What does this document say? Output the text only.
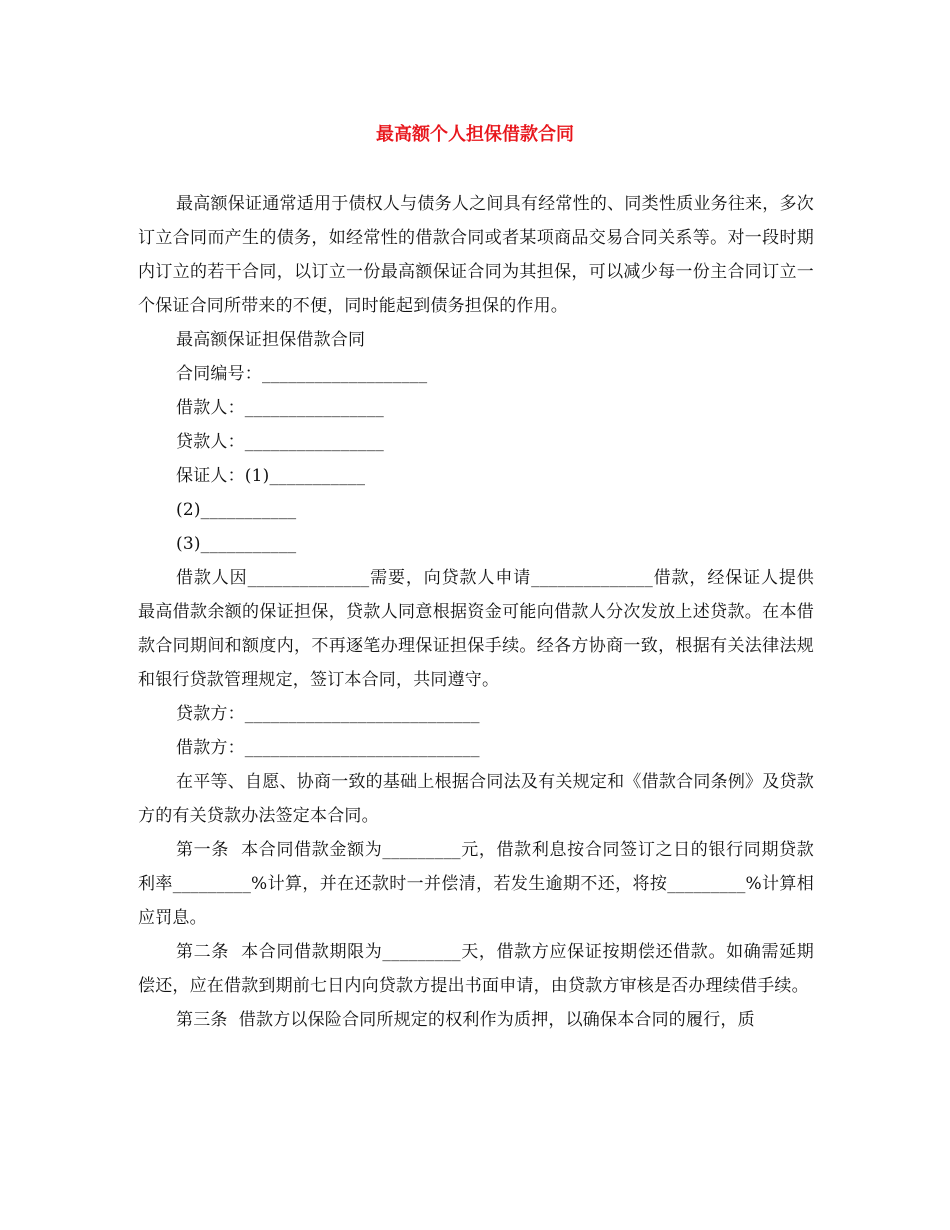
最高额个人担保借款合同

最高额保证通常适用于债权人与债务人之间具有经常性的、同类性质业务往来，多次订立合同而产生的债务，如经常性的借款合同或者某项商品交易合同关系等。对一段时期内订立的若干合同，以订立一份最高额保证合同为其担保，可以减少每一份主合同订立一个保证合同所带来的不便，同时能起到债务担保的作用。

最高额保证担保借款合同

合同编号：___________________

借款人：________________

贷款人：________________

保证人：(1)___________

(2)___________

(3)___________

借款人因______________需要，向贷款人申请______________借款，经保证人提供最高借款余额的保证担保，贷款人同意根据资金可能向借款人分次发放上述贷款。在本借款合同期间和额度内，不再逐笔办理保证担保手续。经各方协商一致，根据有关法律法规和银行贷款管理规定，签订本合同，共同遵守。

贷款方：___________________________

借款方：___________________________

在平等、自愿、协商一致的基础上根据合同法及有关规定和《借款合同条例》及贷款方的有关贷款办法签定本合同。

第一条  本合同借款金额为_________元，借款利息按合同签订之日的银行同期贷款利率_________%计算，并在还款时一并偿清，若发生逾期不还，将按_________%计算相应罚息。

第二条  本合同借款期限为_________天，借款方应保证按期偿还借款。如确需延期偿还，应在借款到期前七日内向贷款方提出书面申请，由贷款方审核是否办理续借手续。

第三条  借款方以保险合同所规定的权利作为质押，以确保本合同的履行，质
